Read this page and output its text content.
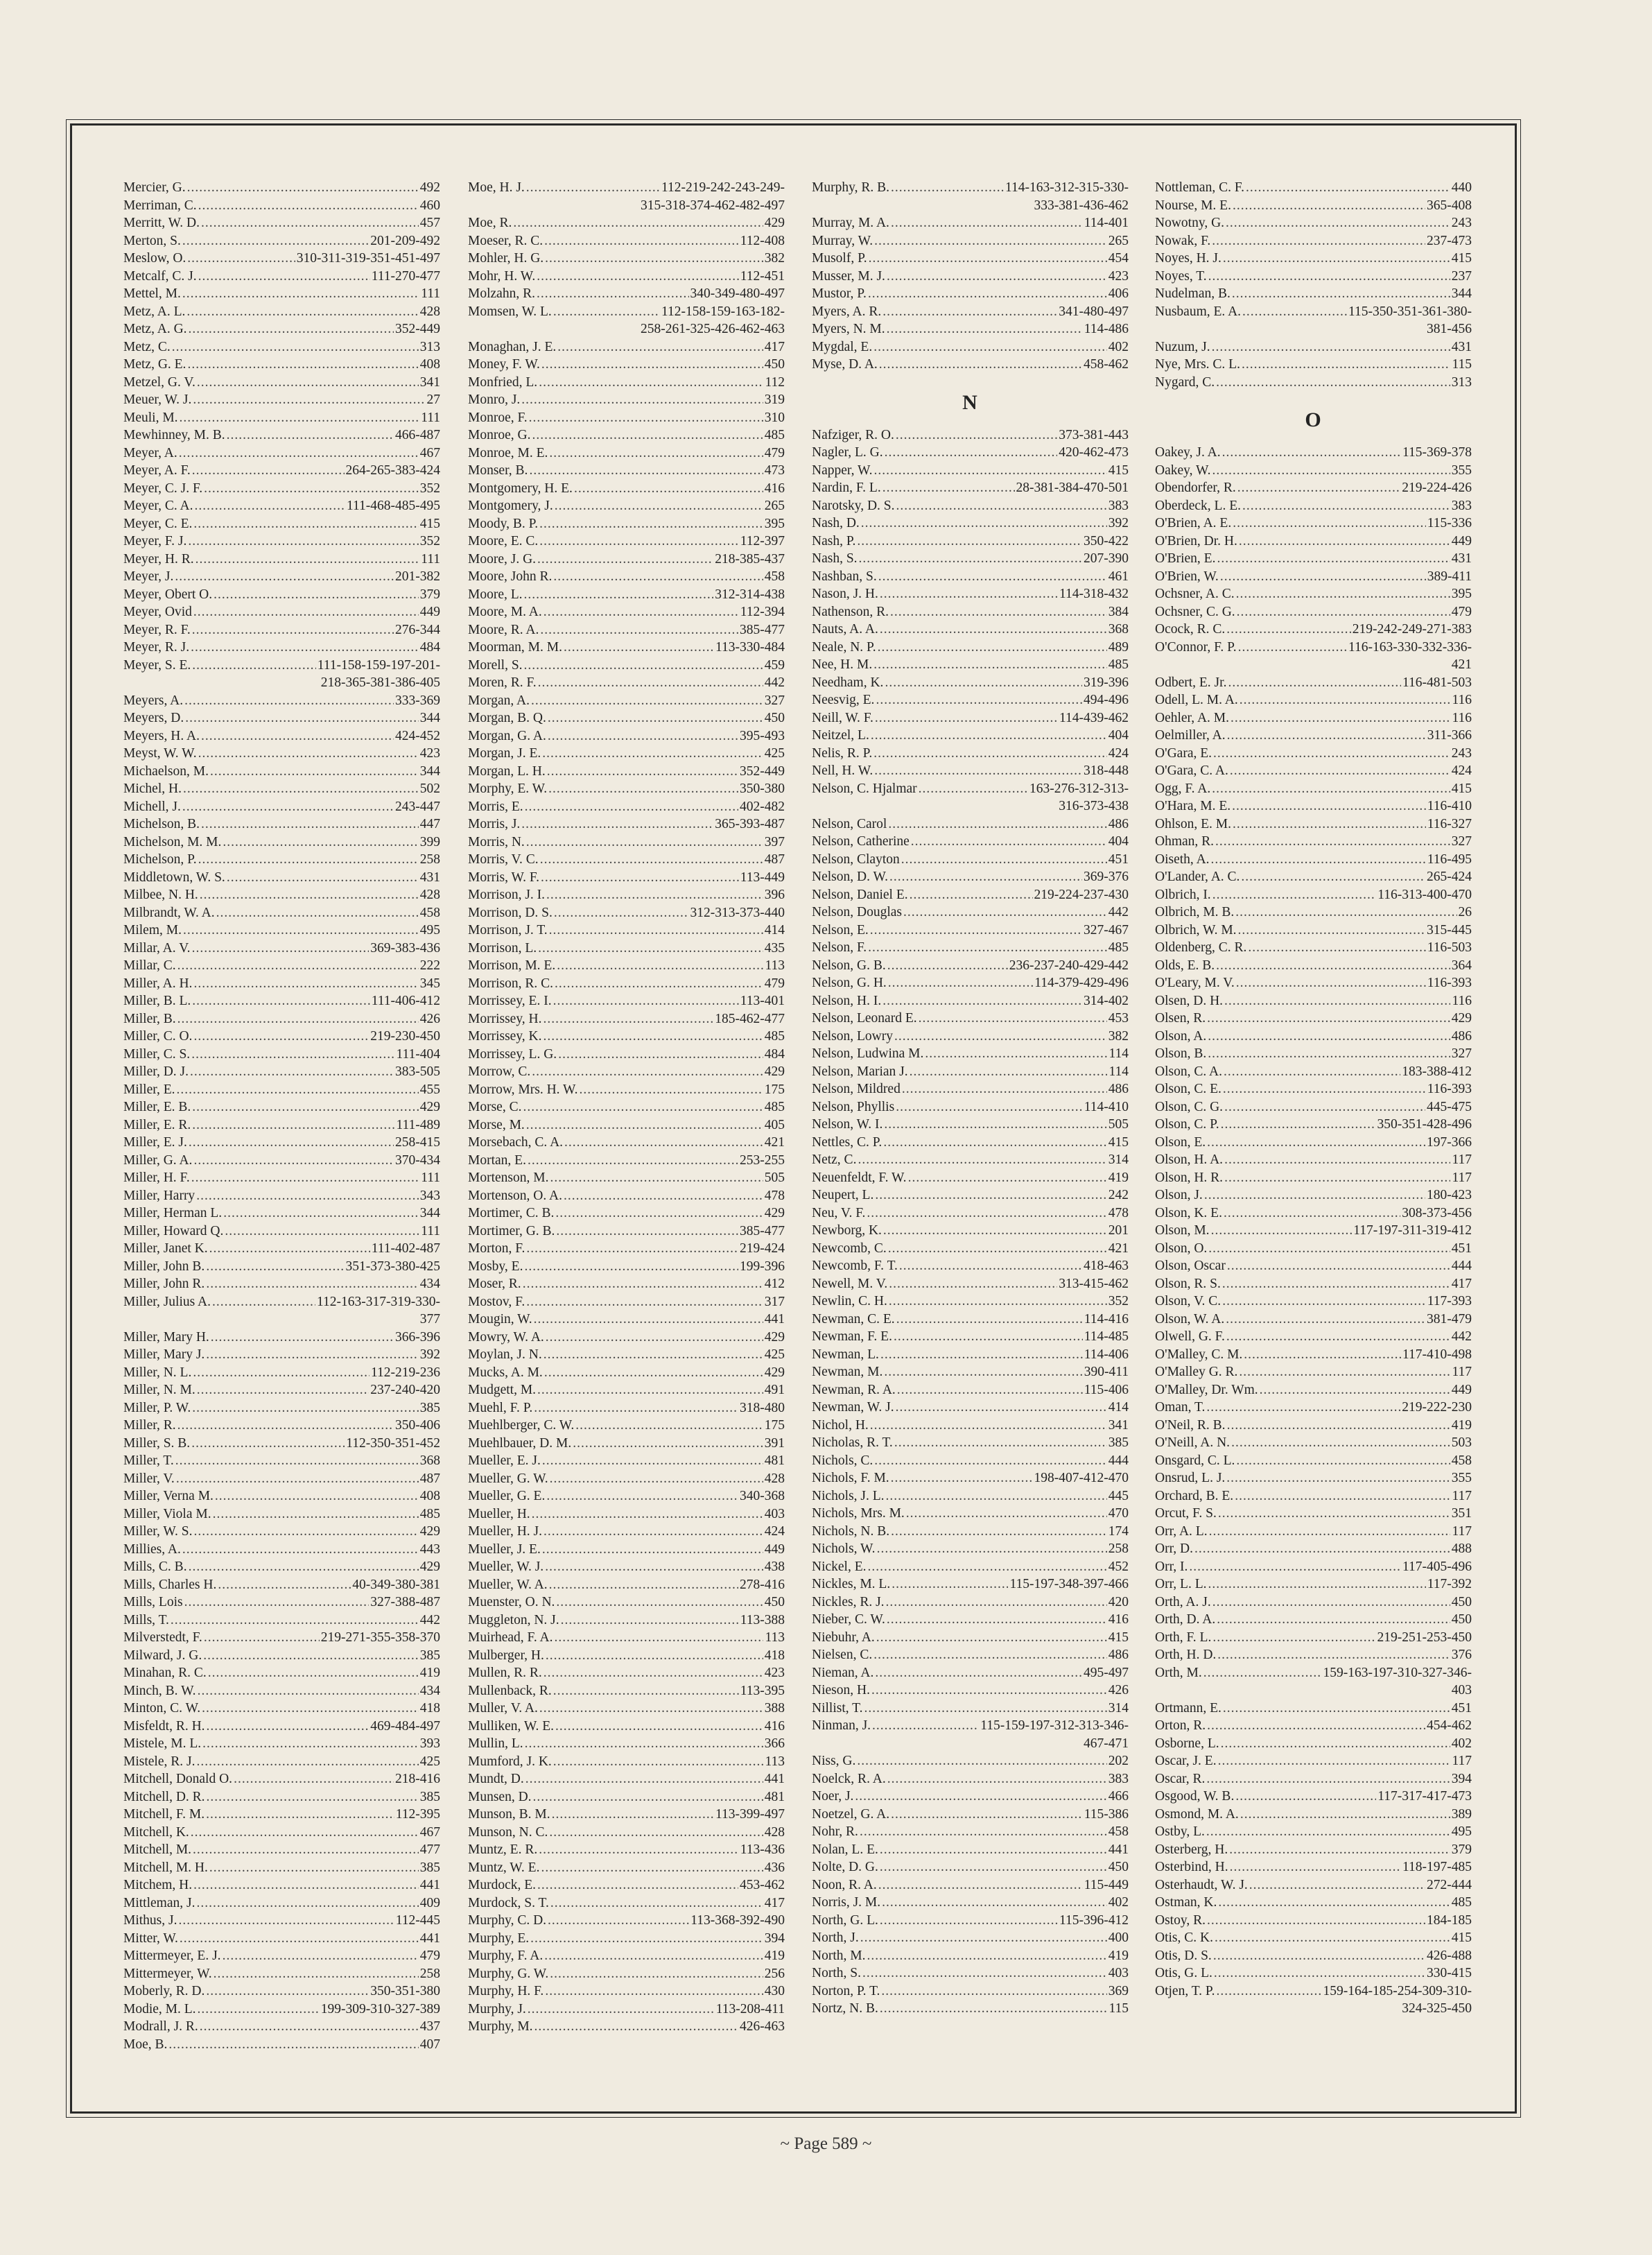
Mercier, G. .....	492
Merriman, C. .....	460
Merritt, W. D. .....	457
Merton, S. .....	201-209-492
Meslow, O. .....	310-311-319-351-451-497
Metcalf, C. J. .....	111-270-477
Mettel, M. .....	111
Metz, A. L. .....	428
Metz, A. G. .....	352-449
Metz, C. .....	313
Metz, G. E. .....	408
Metzel, G. V. .....	341
Meuer, W. J. .....	27
Meuli, M. .....	111
Mewhinney, M. B. .....	466-487
Meyer, A. .....	467
Meyer, A. F. .....	264-265-383-424
Meyer, C. J. F. .....	352
Meyer, C. A. .....	111-468-485-495
Meyer, C. E. .....	415
Meyer, F. J. .....	352
Meyer, H. R. .....	111
Meyer, J. .....	201-382
Meyer, Obert O. .....	379
Meyer, Ovid .....	449
Meyer, R. F. .....	276-344
Meyer, R. J. .....	484
Meyer, S. E. .....	111-158-159-197-201-
218-365-381-386-405
Meyers, A. .....	333-369
Meyers, D. .....	344
Meyers, H. A. .....	424-452
Meyst, W. W. .....	423
Michaelson, M. .....	344
Michel, H. .....	502
Michell, J. .....	243-447
Michelson, B. .....	447
Michelson, M. M. .....	399
Michelson, P. .....	258
Middletown, W. S. .....	431
Milbee, N. H. .....	428
Milbrandt, W. A. .....	458
Milem, M. .....	495
Millar, A. V. .....	369-383-436
Millar, C. .....	222
Miller, A. H. .....	345
Miller, B. L. .....	111-406-412
Miller, B. .....	426
Miller, C. O. .....	219-230-450
Miller, C. S. .....	111-404
Miller, D. J. .....	383-505
Miller, E. .....	455
Miller, E. B. .....	429
Miller, E. R. .....	111-489
Miller, E. J. .....	258-415
Miller, G. A. .....	370-434
Miller, H. F. .....	111
Miller, Harry .....	343
Miller, Herman L. .....	344
Miller, Howard Q. .....	111
Miller, Janet K. .....	111-402-487
Miller, John B. .....	351-373-380-425
Miller, John R. .....	434
Miller, Julius A. .....	112-163-317-319-330-
377
Miller, Mary H. .....	366-396
Miller, Mary J. .....	392
Miller, N. L. .....	112-219-236
Miller, N. M. .....	237-240-420
Miller, P. W. .....	385
Miller, R. .....	350-406
Miller, S. B. .....	112-350-351-452
Miller, T. .....	368
Miller, V. .....	487
Miller, Verna M. .....	408
Miller, Viola M. .....	485
Miller, W. S. .....	429
Millies, A. .....	443
Mills, C. B. .....	429
Mills, Charles H. .....	40-349-380-381
Mills, Lois .....	327-388-487
Mills, T. .....	442
Milverstedt, F. .....	219-271-355-358-370
Milward, J. G. .....	385
Minahan, R. C. .....	419
Minch, B. W. .....	434
Minton, C. W. .....	418
Misfeldt, R. H. .....	469-484-497
Mistele, M. L. .....	393
Mistele, R. J. .....	425
Mitchell, Donald O. .....	218-416
Mitchell, D. R. .....	385
Mitchell, F. M. .....	112-395
Mitchell, K. .....	467
Mitchell, M. .....	477
Mitchell, M. H. .....	385
Mitchem, H. .....	441
Mittleman, J. .....	409
Mithus, J. .....	112-445
Mitter, W. .....	441
Mittermeyer, E. J. .....	479
Mittermeyer, W. .....	258
Moberly, R. D. .....	350-351-380
Modie, M. L. .....	199-309-310-327-389
Modrall, J. R. .....	437
Moe, B. .....	407
Moe, H. J. .....	112-219-242-243-249-
315-318-374-462-482-497
Moe, R. .....	429
Moeser, R. C. .....	112-408
Mohler, H. G. .....	382
Mohr, H. W. .....	112-451
Molzahn, R. .....	340-349-480-497
Momsen, W. L. .....	112-158-159-163-182-
258-261-325-426-462-463
Monaghan, J. E. .....	417
Money, F. W. .....	450
Monfried, L. .....	112
Monro, J. .....	319
Monroe, F. .....	310
Monroe, G. .....	485
Monroe, M. E. .....	479
Monser, B. .....	473
Montgomery, H. E. .....	416
Montgomery, J. .....	265
Moody, B. P. .....	395
Moore, E. C. .....	112-397
Moore, J. G. .....	218-385-437
Moore, John R. .....	458
Moore, L. .....	312-314-438
Moore, M. A. .....	112-394
Moore, R. A. .....	385-477
Moorman, M. M. .....	113-330-484
Morell, S. .....	459
Moren, R. F. .....	442
Morgan, A. .....	327
Morgan, B. Q. .....	450
Morgan, G. A. .....	395-493
Morgan, J. E. .....	425
Morgan, L. H. .....	352-449
Morphy, E. W. .....	350-380
Morris, E. .....	402-482
Morris, J. .....	365-393-487
Morris, N. .....	397
Morris, V. C. .....	487
Morris, W. F. .....	113-449
Morrison, J. I. .....	396
Morrison, D. S. .....	312-313-373-440
Morrison, J. T. .....	414
Morrison, L. .....	435
Morrison, M. E. .....	113
Morrison, R. C. .....	479
Morrissey, E. I. .....	113-401
Morrissey, H. .....	185-462-477
Morrissey, K. .....	485
Morrissey, L. G. .....	484
Morrow, C. .....	429
Morrow, Mrs. H. W. .....	175
Morse, C. .....	485
Morse, M. .....	405
Morsebach, C. A. .....	421
Mortan, E. .....	253-255
Mortenson, M. .....	505
Mortenson, O. A. .....	478
Mortimer, C. B. .....	429
Mortimer, G. B. .....	385-477
Morton, F. .....	219-424
Mosby, E. .....	199-396
Moser, R. .....	412
Mostov, F. .....	317
Mougin, W. .....	441
Mowry, W. A. .....	429
Moylan, J. N. .....	425
Mucks, A. M. .....	429
Mudgett, M. .....	491
Muehl, F. P. .....	318-480
Muehlberger, C. W. .....	175
Muehlbauer, D. M. .....	391
Mueller, E. J. .....	481
Mueller, G. W. .....	428
Mueller, G. E. .....	340-368
Mueller, H. .....	403
Mueller, H. J. .....	424
Mueller, J. E. .....	449
Mueller, W. J. .....	438
Mueller, W. A. .....	278-416
Muenster, O. N. .....	450
Muggleton, N. J. .....	113-388
Muirhead, F. A. .....	113
Mulberger, H. .....	418
Mullen, R. R. .....	423
Mullenback, R. .....	113-395
Muller, V. A. .....	388
Mulliken, W. E. .....	416
Mullin, L. .....	366
Mumford, J. K. .....	113
Mundt, D. .....	441
Munsen, D. .....	481
Munson, B. M. .....	113-399-497
Munson, N. C. .....	428
Muntz, E. R. .....	113-436
Muntz, W. E. .....	436
Murdock, E. .....	453-462
Murdock, S. T. .....	417
Murphy, C. D. .....	113-368-392-490
Murphy, E. .....	394
Murphy, F. A. .....	419
Murphy, G. W. .....	256
Murphy, H. F. .....	430
Murphy, J. .....	113-208-411
Murphy, M. .....	426-463
Murphy, R. B. .....	114-163-312-315-330-
333-381-436-462
Murray, M. A. .....	114-401
Murray, W. .....	265
Musolf, P. .....	454
Musser, M. J. .....	423
Mustor, P. .....	406
Myers, A. R. .....	341-480-497
Myers, N. M. .....	114-486
Mygdal, E. .....	402
Myse, D. A. .....	458-462
N
Nafziger, R. O. .....	373-381-443
Nagler, L. G. .....	420-462-473
Napper, W. .....	415
Nardin, F. L. .....	28-381-384-470-501
Narotsky, D. S. .....	383
Nash, D. .....	392
Nash, P. .....	350-422
Nash, S. .....	207-390
Nashban, S. .....	461
Nason, J. H. .....	114-318-432
Nathenson, R. .....	384
Nauts, A. A. .....	368
Neale, N. P. .....	489
Nee, H. M. .....	485
Needham, K. .....	319-396
Neesvig, E. .....	494-496
Neill, W. F. .....	114-439-462
Neitzel, L. .....	404
Nelis, R. P. .....	424
Nell, H. W. .....	318-448
Nelson, C. Hjalmar .....	163-276-312-313-
316-373-438
Nelson, Carol .....	486
Nelson, Catherine .....	404
Nelson, Clayton .....	451
Nelson, D. W. .....	369-376
Nelson, Daniel E. .....	219-224-237-430
Nelson, Douglas .....	442
Nelson, E. .....	327-467
Nelson, F. .....	485
Nelson, G. B. .....	236-237-240-429-442
Nelson, G. H. .....	114-379-429-496
Nelson, H. I. .....	314-402
Nelson, Leonard E. .....	453
Nelson, Lowry .....	382
Nelson, Ludwina M. .....	114
Nelson, Marian J. .....	114
Nelson, Mildred .....	486
Nelson, Phyllis .....	114-410
Nelson, W. I. .....	505
Nettles, C. P. .....	415
Netz, C. .....	314
Neuenfeldt, F. W. .....	419
Neupert, L. .....	242
Neu, V. F. .....	478
Newborg, K. .....	201
Newcomb, C. .....	421
Newcomb, F. T. .....	418-463
Newell, M. V. .....	313-415-462
Newlin, C. H. .....	352
Newman, C. E. .....	114-416
Newman, F. E. .....	114-485
Newman, L. .....	114-406
Newman, M. .....	390-411
Newman, R. A. .....	115-406
Newman, W. J. .....	414
Nichol, H. .....	341
Nicholas, R. T. .....	385
Nichols, C. .....	444
Nichols, F. M. .....	198-407-412-470
Nichols, J. L. .....	445
Nichols, Mrs. M. .....	470
Nichols, N. B. .....	174
Nichols, W. .....	258
Nickel, E. .....	452
Nickles, M. L. .....	115-197-348-397-466
Nickles, R. J. .....	420
Nieber, C. W. .....	416
Niebuhr, A. .....	415
Nielsen, C. .....	486
Nieman, A. .....	495-497
Nieson, H. .....	426
Nillist, T. .....	314
Ninman, J. .....	115-159-197-312-313-346-
467-471
Niss, G. .....	202
Noelck, R. A. .....	383
Noer, J. .....	466
Noetzel, G. A. .....	115-386
Nohr, R. .....	458
Nolan, L. E. .....	441
Nolte, D. G. .....	450
Noon, R. A. .....	115-449
Norris, J. M. .....	402
North, G. L. .....	115-396-412
North, J. .....	400
North, M. .....	419
North, S. .....	403
Norton, P. T. .....	369
Nortz, N. B. .....	115
Nottleman, C. F. .....	440
Nourse, M. E. .....	365-408
Nowotny, G. .....	243
Nowak, F. .....	237-473
Noyes, H. J. .....	415
Noyes, T. .....	237
Nudelman, B. .....	344
Nusbaum, E. A. .....	115-350-351-361-380-
381-456
Nuzum, J. .....	431
Nye, Mrs. C. L. .....	115
Nygard, C. .....	313
O
Oakey, J. A. .....	115-369-378
Oakey, W. .....	355
Obendorfer, R. .....	219-224-426
Oberdeck, L. E. .....	383
O'Brien, A. E. .....	115-336
O'Brien, Dr. H. .....	449
O'Brien, E. .....	431
O'Brien, W. .....	389-411
Ochsner, A. C. .....	395
Ochsner, C. G. .....	479
Ocock, R. C. .....	219-242-249-271-383
O'Connor, F. P. .....	116-163-330-332-336-
421
Odbert, E. Jr. .....	116-481-503
Odell, L. M. A. .....	116
Oehler, A. M. .....	116
Oelmiller, A. .....	311-366
O'Gara, E. .....	243
O'Gara, C. A. .....	424
Ogg, F. A. .....	415
O'Hara, M. E. .....	116-410
Ohlson, E. M. .....	116-327
Ohman, R. .....	327
Oiseth, A. .....	116-495
O'Lander, A. C. .....	265-424
Olbrich, I. .....	116-313-400-470
Olbrich, M. B. .....	26
Olbrich, W. M. .....	315-445
Oldenberg, C. R. .....	116-503
Olds, E. B. .....	364
O'Leary, M. V. .....	116-393
Olsen, D. H. .....	116
Olsen, R. .....	429
Olson, A. .....	486
Olson, B. .....	327
Olson, C. A. .....	183-388-412
Olson, C. E. .....	116-393
Olson, C. G. .....	445-475
Olson, C. P. .....	350-351-428-496
Olson, E. .....	197-366
Olson, H. A. .....	117
Olson, H. R. .....	117
Olson, J. .....	180-423
Olson, K. E. .....	308-373-456
Olson, M. .....	117-197-311-319-412
Olson, O. .....	451
Olson, Oscar .....	444
Olson, R. S. .....	417
Olson, V. C. .....	117-393
Olson, W. A. .....	381-479
Olwell, G. F. .....	442
O'Malley, C. M. .....	117-410-498
O'Malley G. R. .....	117
O'Malley, Dr. Wm. .....	449
Oman, T. .....	219-222-230
O'Neil, R. B. .....	419
O'Neill, A. N. .....	503
Onsgard, C. L. .....	458
Onsrud, L. J. .....	355
Orchard, B. E. .....	117
Orcut, F. S. .....	351
Orr, A. L. .....	117
Orr, D. .....	488
Orr, I. .....	117-405-496
Orr, L. L. .....	117-392
Orth, A. J. .....	450
Orth, D. A. .....	450
Orth, F. L. .....	219-251-253-450
Orth, H. D. .....	376
Orth, M. .....	159-163-197-310-327-346-
403
Ortmann, E. .....	451
Orton, R. .....	454-462
Osborne, L. .....	402
Oscar, J. E. .....	117
Oscar, R. .....	394
Osgood, W. B. .....	117-317-417-473
Osmond, M. A. .....	389
Ostby, L. .....	495
Osterberg, H. .....	379
Osterbind, H. .....	118-197-485
Osterhaudt, W. J. .....	272-444
Ostman, K. .....	485
Ostoy, R. .....	184-185
Otis, C. K. .....	415
Otis, D. S. .....	426-488
Otis, G. L. .....	330-415
Otjen, T. P. .....	159-164-185-254-309-310-
324-325-450
~ Page 589 ~
